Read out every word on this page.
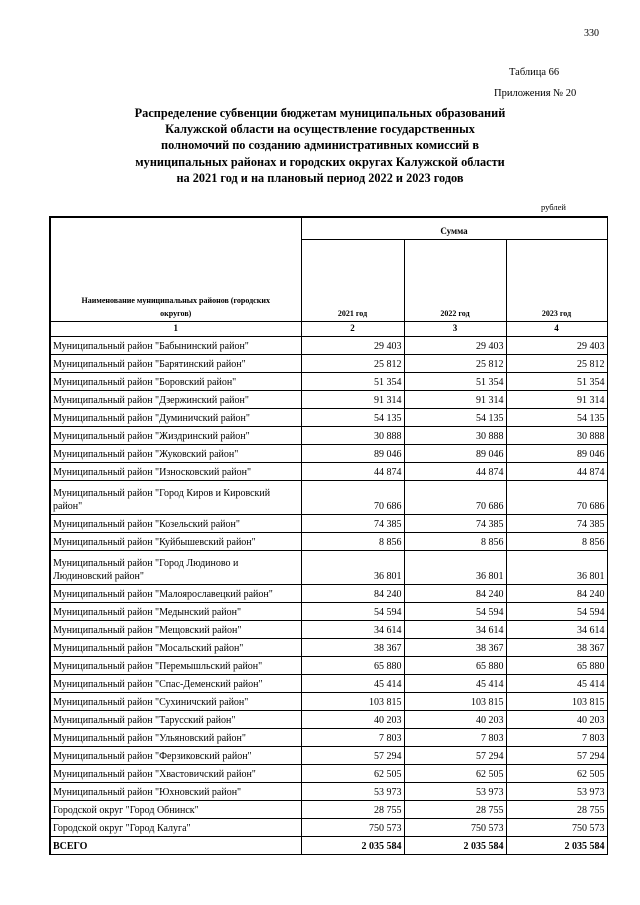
330
Таблица 66
Приложения № 20
Распределение субвенции бюджетам муниципальных образований
Калужской области на осуществление государственных
полномочий по созданию административных комиссий в
муниципальных районах и городских округах Калужской области
на 2021 год и на плановый период 2022 и 2023 годов
рублей
Наименование муниципальных районов (городских округов)	Сумма		
	2021 год	2022 год	2023 год
1	2	3	4
Муниципальный район "Бабынинский район"	29 403	29 403	29 403
Муниципальный район "Барятинский район"	25 812	25 812	25 812
Муниципальный район "Боровский район"	51 354	51 354	51 354
Муниципальный район "Дзержинский район"	91 314	91 314	91 314
Муниципальный район "Думиничский район"	54 135	54 135	54 135
Муниципальный район "Жиздринский район"	30 888	30 888	30 888
Муниципальный район "Жуковский район"	89 046	89 046	89 046
Муниципальный район "Износковский район"	44 874	44 874	44 874
Муниципальный район "Город Киров и Кировский район"	70 686	70 686	70 686
Муниципальный район "Козельский район"	74 385	74 385	74 385
Муниципальный район "Куйбышевский район"	8 856	8 856	8 856
Муниципальный район "Город Людиново и Людиновский район"	36 801	36 801	36 801
Муниципальный район "Малоярославецкий район"	84 240	84 240	84 240
Муниципальный район "Медынский район"	54 594	54 594	54 594
Муниципальный район "Мещовский район"	34 614	34 614	34 614
Муниципальный район "Мосальский район"	38 367	38 367	38 367
Муниципальный район "Перемышльский район"	65 880	65 880	65 880
Муниципальный район "Спас-Деменский район"	45 414	45 414	45 414
Муниципальный район "Сухиничский район"	103 815	103 815	103 815
Муниципальный район "Тарусский район"	40 203	40 203	40 203
Муниципальный район "Ульяновский район"	7 803	7 803	7 803
Муниципальный район "Ферзиковский район"	57 294	57 294	57 294
Муниципальный район "Хвастовичский район"	62 505	62 505	62 505
Муниципальный район "Юхновский район"	53 973	53 973	53 973
Городской округ "Город Обнинск"	28 755	28 755	28 755
Городской округ "Город Калуга"	750 573	750 573	750 573
ВСЕГО	2 035 584	2 035 584	2 035 584
